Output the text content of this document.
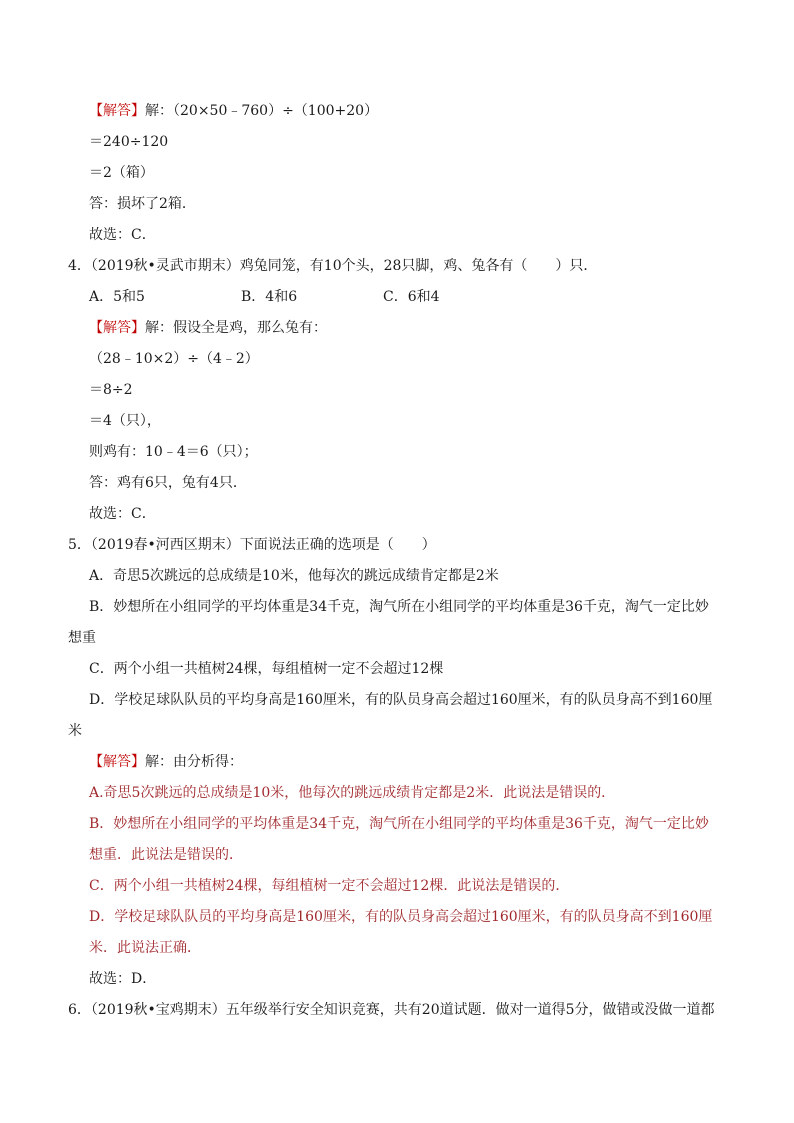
【解答】解：（20×50﹣760）÷（100+20）
＝240÷120
＝2（箱）
答：损坏了2箱．
故选：C．
4．（2019秋•灵武市期末）鸡兔同笼，有10个头，28只脚，鸡、兔各有（　　）只．
A．5和5	B．4和6	C．6和4
【解答】解：假设全是鸡，那么兔有：
（28﹣10×2）÷（4﹣2）
＝8÷2
＝4（只），
则鸡有：10﹣4＝6（只）；
答：鸡有6只，兔有4只．
故选：C．
5．（2019春•河西区期末）下面说法正确的选项是（　　）
A．奇思5次跳远的总成绩是10米，他每次的跳远成绩肯定都是2米
B．妙想所在小组同学的平均体重是34千克，淘气所在小组同学的平均体重是36千克，淘气一定比妙
想重
C．两个小组一共植树24棵，每组植树一定不会超过12棵
D．学校足球队队员的平均身高是160厘米，有的队员身高会超过160厘米，有的队员身高不到160厘
米
【解答】解：由分析得：
A.奇思5次跳远的总成绩是10米，他每次的跳远成绩肯定都是2米．此说法是错误的．
B．妙想所在小组同学的平均体重是34千克，淘气所在小组同学的平均体重是36千克，淘气一定比妙
想重．此说法是错误的．
C．两个小组一共植树24棵，每组植树一定不会超过12棵．此说法是错误的．
D．学校足球队队员的平均身高是160厘米，有的队员身高会超过160厘米，有的队员身高不到160厘
米．此说法正确．
故选：D．
6．（2019秋•宝鸡期末）五年级举行安全知识竞赛，共有20道试题．做对一道得5分，做错或没做一道都
